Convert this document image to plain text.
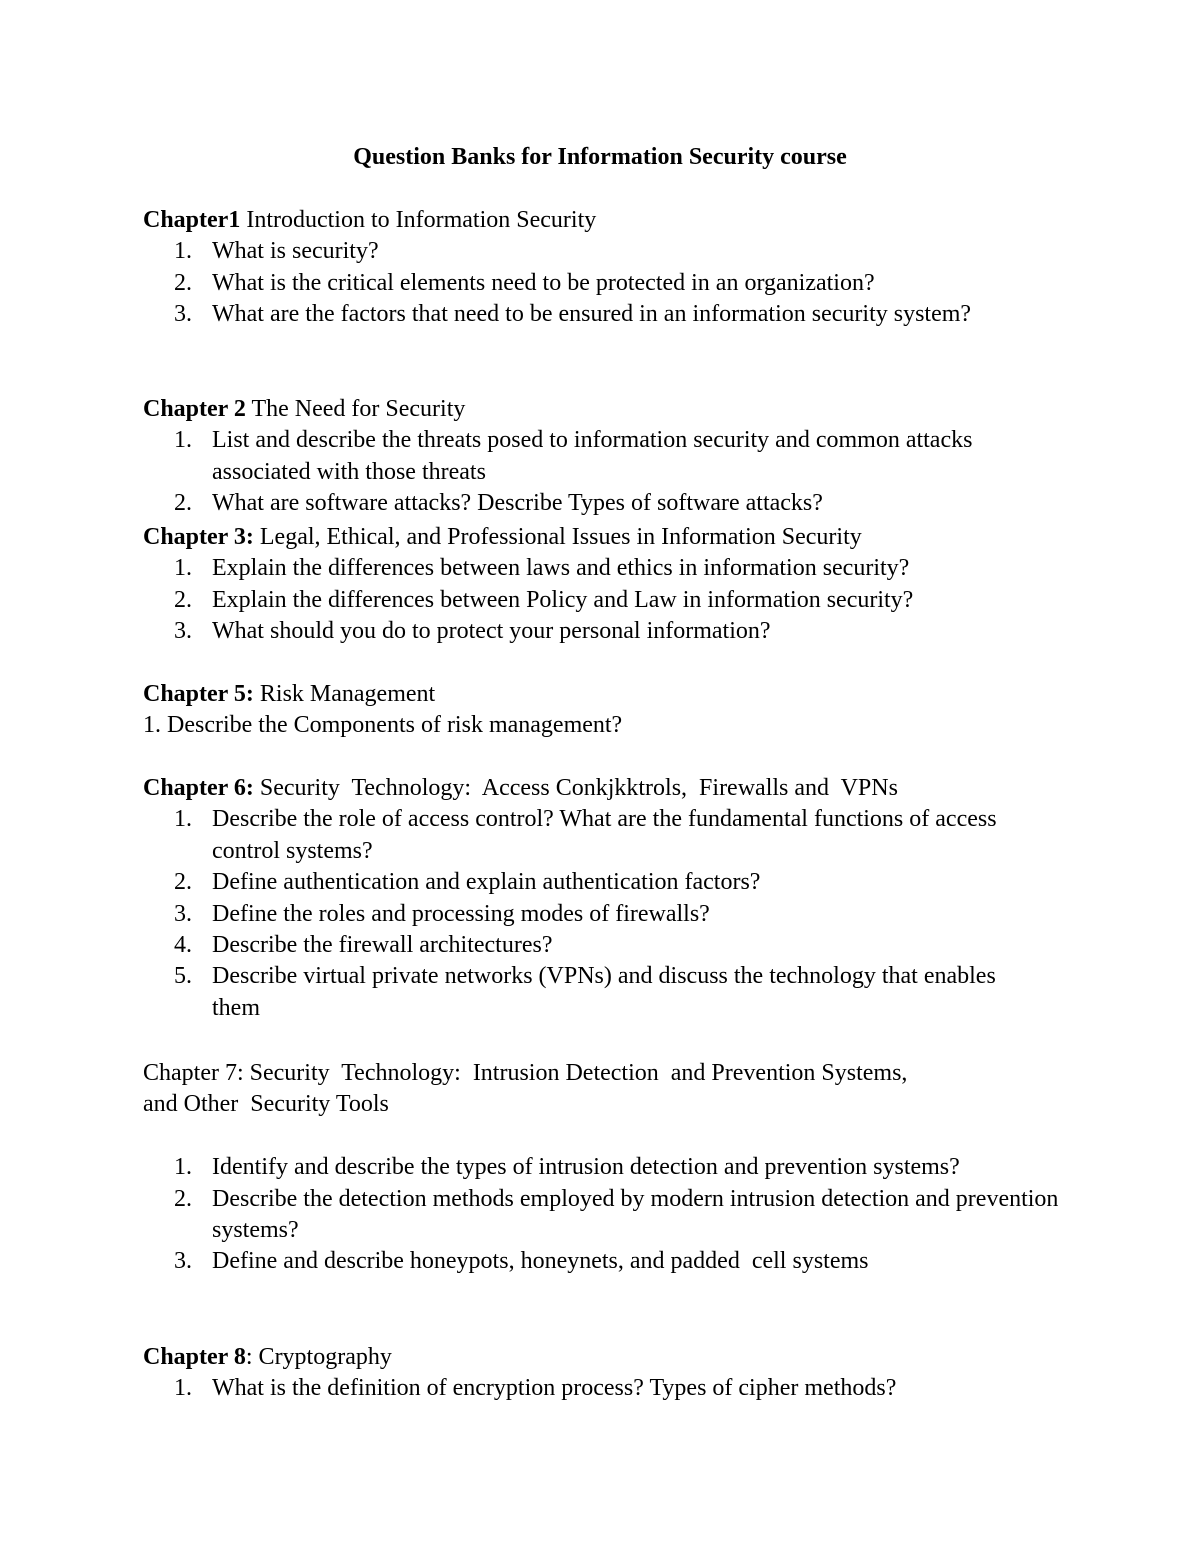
Question Banks for Information Security course

Chapter1 Introduction to Information Security

1. What is security?
2. What is the critical elements need to be protected in an organization?
3. What are the factors that need to be ensured in an information security system?

Chapter 2 The Need for Security

1. List and describe the threats posed to information security and common attacks associated with those threats
2. What are software attacks? Describe Types of software attacks?

Chapter 3: Legal, Ethical, and Professional Issues in Information Security

1. Explain the differences between laws and ethics in information security?
2. Explain the differences between Policy and Law in information security?
3. What should you do to protect your personal information?

Chapter 5: Risk Management

1. Describe the Components of risk management?

Chapter 6: Security  Technology:  Access Conkjkktrols,  Firewalls and  VPNs

1. Describe the role of access control? What are the fundamental functions of access control systems?
2. Define authentication and explain authentication factors?
3. Define the roles and processing modes of firewalls?
4. Describe the firewall architectures?
5. Describe virtual private networks (VPNs) and discuss the technology that enables them

Chapter 7: Security  Technology:  Intrusion Detection  and Prevention Systems, and Other  Security Tools

1. Identify and describe the types of intrusion detection and prevention systems?
2. Describe the detection methods employed by modern intrusion detection and prevention systems?
3. Define and describe honeypots, honeynets, and padded  cell systems

Chapter 8: Cryptography

1. What is the definition of encryption process? Types of cipher methods?
